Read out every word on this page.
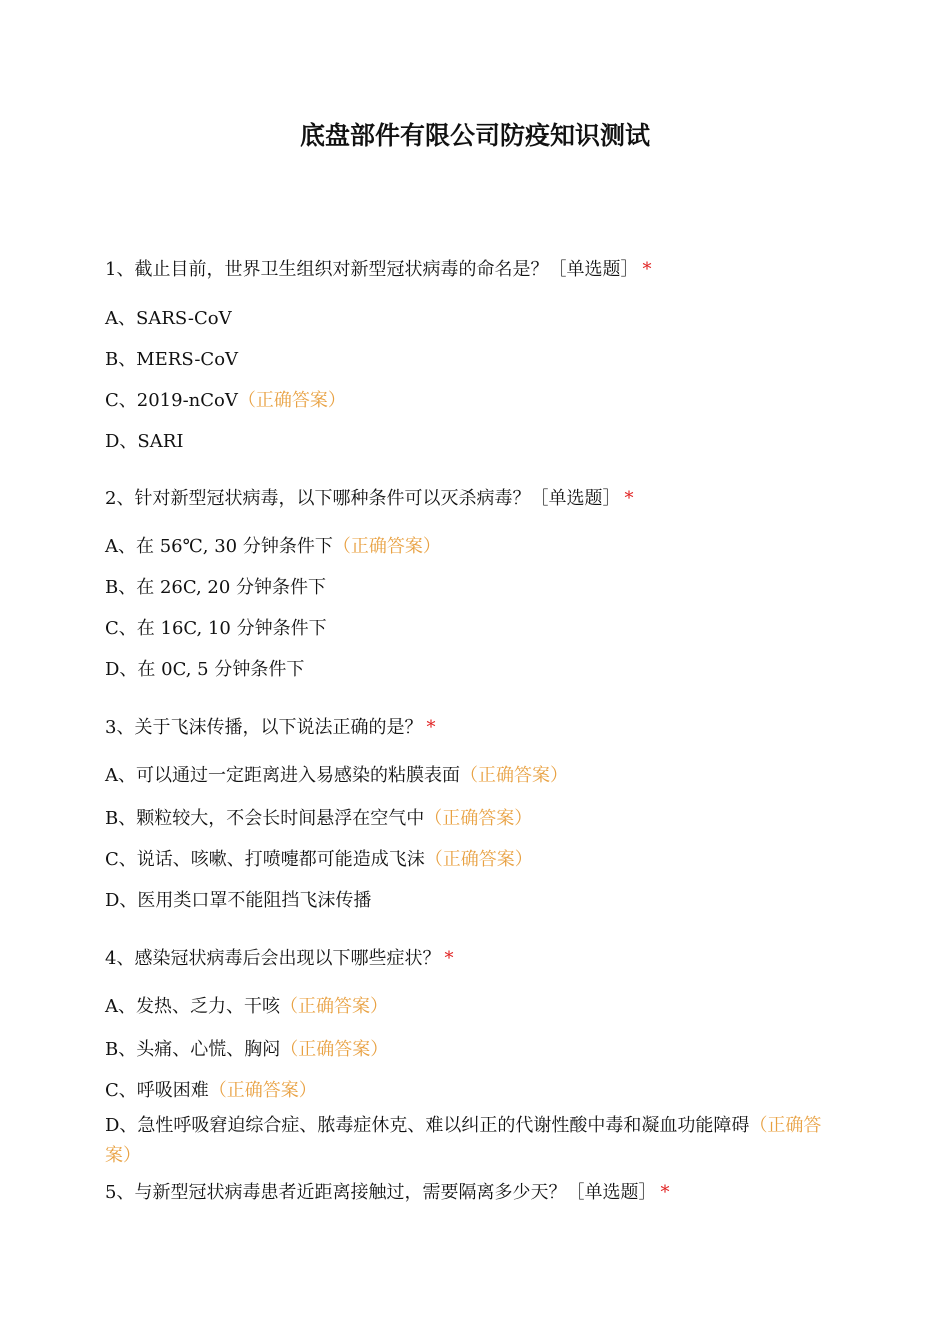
底盘部件有限公司防疫知识测试
1、截止目前，世界卫生组织对新型冠状病毒的命名是？［单选题］ *
A、SARS-CoV
B、MERS-CoV
C、2019-nCoV（正确答案）
D、SARI
2、针对新型冠状病毒，以下哪种条件可以灭杀病毒？［单选题］ *
A、在 56℃, 30 分钟条件下（正确答案）
B、在 26C, 20 分钟条件下
C、在 16C, 10 分钟条件下
D、在 0C, 5 分钟条件下
3、关于飞沫传播，以下说法正确的是？ *
A、可以通过一定距离进入易感染的粘膜表面（正确答案）
B、颗粒较大，不会长时间悬浮在空气中（正确答案）
C、说话、咳嗽、打喷嚏都可能造成飞沫（正确答案）
D、医用类口罩不能阻挡飞沫传播
4、感染冠状病毒后会出现以下哪些症状？ *
A、发热、乏力、干咳（正确答案）
B、头痛、心慌、胸闷（正确答案）
C、呼吸困难（正确答案）
D、急性呼吸窘迫综合症、脓毒症休克、难以纠正的代谢性酸中毒和凝血功能障碍（正确答案）
5、与新型冠状病毒患者近距离接触过，需要隔离多少天？［单选题］ *
